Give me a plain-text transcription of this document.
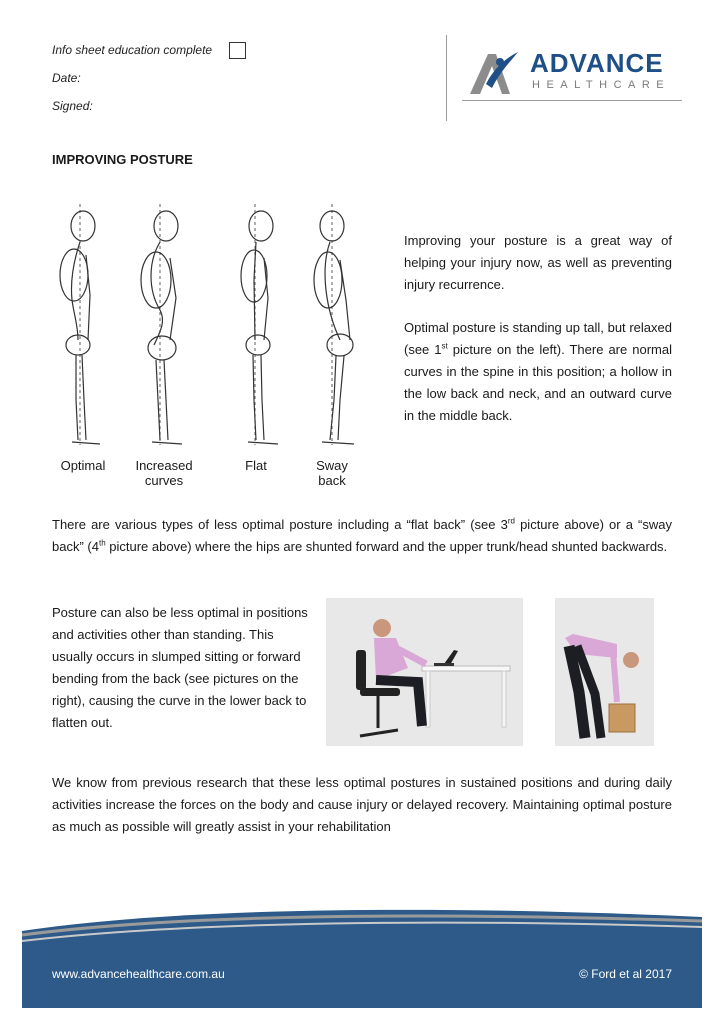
Info sheet education complete
Date:
Signed:
ADVANCE
HEALTHCARE
IMPROVING POSTURE
Optimal	Increased curves
Flat	Sway back
Improving your posture is a great way of helping your injury now, as well as preventing injury recurrence.
Optimal posture is standing up tall, but relaxed (see 1st picture on the left). There are normal curves in the spine in this position; a hollow in the low back and neck, and an outward curve in the middle back.
There are various types of less optimal posture including a “flat back” (see 3rd picture above) or a “sway back” (4th picture above) where the hips are shunted forward and the upper trunk/head shunted backwards.
Posture can also be less optimal in positions and activities other than standing. This usually occurs in slumped sitting or forward bending from the back (see pictures on the right), causing the curve in the lower back to flatten out.
We know from previous research that these less optimal postures in sustained positions and during daily activities increase the forces on the body and cause injury or delayed recovery. Maintaining optimal posture as much as possible will greatly assist in your rehabilitation
www.advancehealthcare.com.au	© Ford et al 2017
